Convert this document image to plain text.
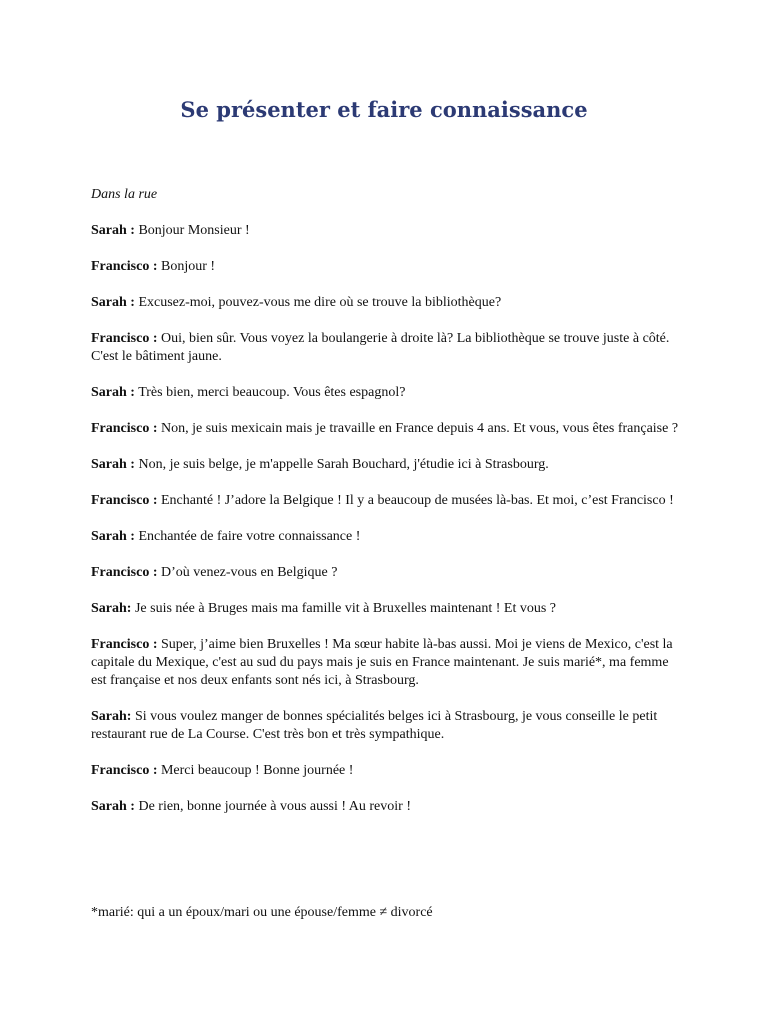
Se présenter et faire connaissance

Dans la rue

Sarah : Bonjour Monsieur !

Francisco : Bonjour !

Sarah : Excusez-moi, pouvez-vous me dire où se trouve la bibliothèque?

Francisco : Oui, bien sûr. Vous voyez la boulangerie à droite là? La bibliothèque se trouve juste à côté. C'est le bâtiment jaune.

Sarah : Très bien, merci beaucoup. Vous êtes espagnol?

Francisco : Non, je suis mexicain mais je travaille en France depuis 4 ans. Et vous, vous êtes française ?

Sarah : Non, je suis belge, je m'appelle Sarah Bouchard, j'étudie ici à Strasbourg.

Francisco : Enchanté ! J’adore la Belgique ! Il y a beaucoup de musées là-bas. Et moi, c’est Francisco !

Sarah : Enchantée de faire votre connaissance !

Francisco : D’où venez-vous en Belgique ?

Sarah: Je suis née à Bruges mais ma famille vit à Bruxelles maintenant ! Et vous ?

Francisco : Super, j’aime bien Bruxelles ! Ma sœur habite là-bas aussi. Moi je viens de Mexico, c'est la capitale du Mexique, c'est au sud du pays mais je suis en France maintenant. Je suis marié*, ma femme est française et nos deux enfants sont nés ici, à Strasbourg.

Sarah: Si vous voulez manger de bonnes spécialités belges ici à Strasbourg, je vous conseille le petit restaurant rue de La Course. C'est très bon et très sympathique.

Francisco : Merci beaucoup ! Bonne journée !

Sarah : De rien, bonne journée à vous aussi ! Au revoir !

*marié: qui a un époux/mari ou une épouse/femme ≠ divorcé
